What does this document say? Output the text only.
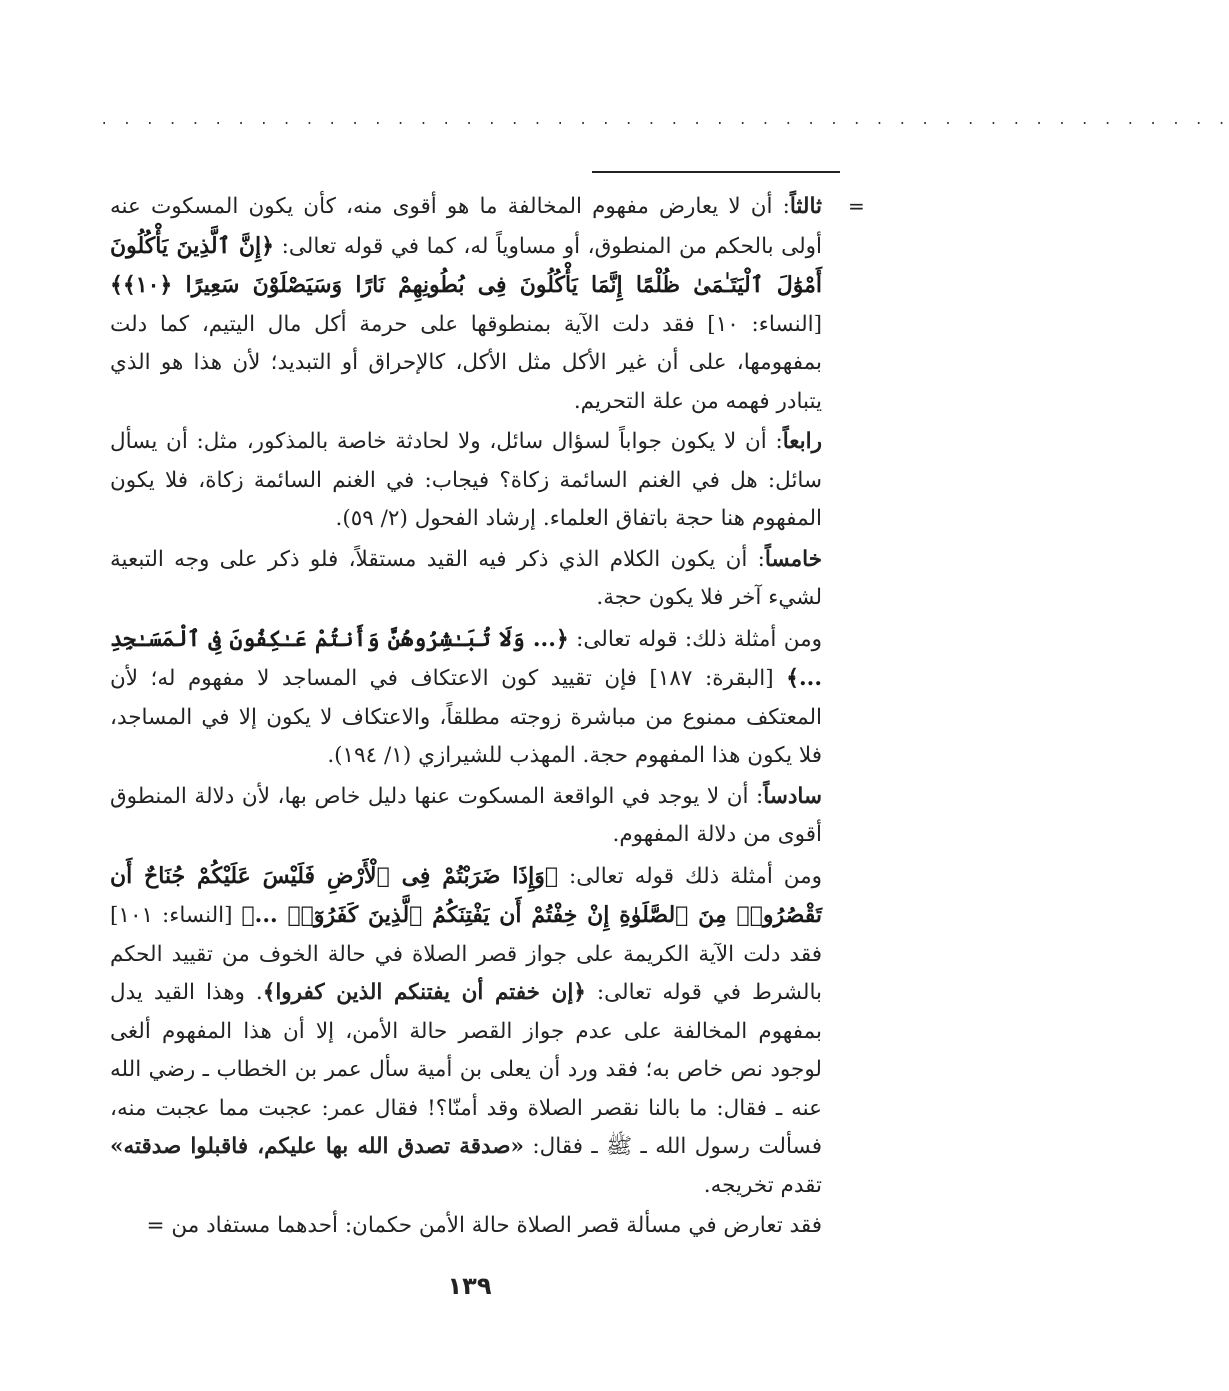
· · · · · · · · · · · · · · · · · · · · · · · · · · · · · · · · · · · · · · · · · · · · · · · · · ·
=

ثالثاً: أن لا يعارض مفهوم المخالفة ما هو أقوى منه، كأن يكون المسكوت عنه أولى بالحكم من المنطوق، أو مساوياً له، كما في قوله تعالى: ﴿إِنَّ ٱلَّذِينَ يَأْكُلُونَ أَمْوَٰلَ ٱلْيَتَـٰمَىٰ ظُلْمًا إِنَّمَا يَأْكُلُونَ فِى بُطُونِهِمْ نَارًا وَسَيَصْلَوْنَ سَعِيرًا ﴿١٠﴾﴾ [النساء: ١٠] فقد دلت الآية بمنطوقها على حرمة أكل مال اليتيم، كما دلت بمفهومها، على أن غير الأكل مثل الأكل، كالإحراق أو التبديد؛ لأن هذا هو الذي يتبادر فهمه من علة التحريم.

رابعاً: أن لا يكون جواباً لسؤال سائل، ولا لحادثة خاصة بالمذكور، مثل: أن يسأل سائل: هل في الغنم السائمة زكاة؟ فيجاب: في الغنم السائمة زكاة، فلا يكون المفهوم هنا حجة باتفاق العلماء. إرشاد الفحول (٢/ ٥٩).

خامساً: أن يكون الكلام الذي ذكر فيه القيد مستقلاً، فلو ذكر على وجه التبعية لشيء آخر فلا يكون حجة.

ومن أمثلة ذلك: قوله تعالى: ﴿... وَلَا تُبَـٰشِرُوهُنَّ وَأَنتُمْ عَـٰكِفُونَ فِى ٱلْمَسَـٰجِدِ ...﴾ [البقرة: ١٨٧] فإن تقييد كون الاعتكاف في المساجد لا مفهوم له؛ لأن المعتكف ممنوع من مباشرة زوجته مطلقاً، والاعتكاف لا يكون إلا في المساجد، فلا يكون هذا المفهوم حجة. المهذب للشيرازي (١/ ١٩٤).

سادساً: أن لا يوجد في الواقعة المسكوت عنها دليل خاص بها، لأن دلالة المنطوق أقوى من دلالة المفهوم.

ومن أمثلة ذلك قوله تعالى: ﴿وَإِذَا ضَرَبْتُمْ فِى ٱلْأَرْضِ فَلَيْسَ عَلَيْكُمْ جُنَاحٌ أَن تَقْصُرُوا۟ مِنَ ٱلصَّلَوٰةِ إِنْ خِفْتُمْ أَن يَفْتِنَكُمُ ٱلَّذِينَ كَفَرُوٓا۟ ...﴾ [النساء: ١٠١] فقد دلت الآية الكريمة على جواز قصر الصلاة في حالة الخوف من تقييد الحكم بالشرط في قوله تعالى: ﴿إن خفتم أن يفتنكم الذين كفروا﴾. وهذا القيد يدل بمفهوم المخالفة على عدم جواز القصر حالة الأمن، إلا أن هذا المفهوم ألغى لوجود نص خاص به؛ فقد ورد أن يعلى بن أمية سأل عمر بن الخطاب ـ رضي الله عنه ـ فقال: ما بالنا نقصر الصلاة وقد أمنّا؟! فقال عمر: عجبت مما عجبت منه، فسألت رسول الله ـ ﷺ ـ فقال: «صدقة تصدق الله بها عليكم، فاقبلوا صدقته» تقدم تخريجه.

فقد تعارض في مسألة قصر الصلاة حالة الأمن حكمان: أحدهما مستفاد من =

١٣٩
